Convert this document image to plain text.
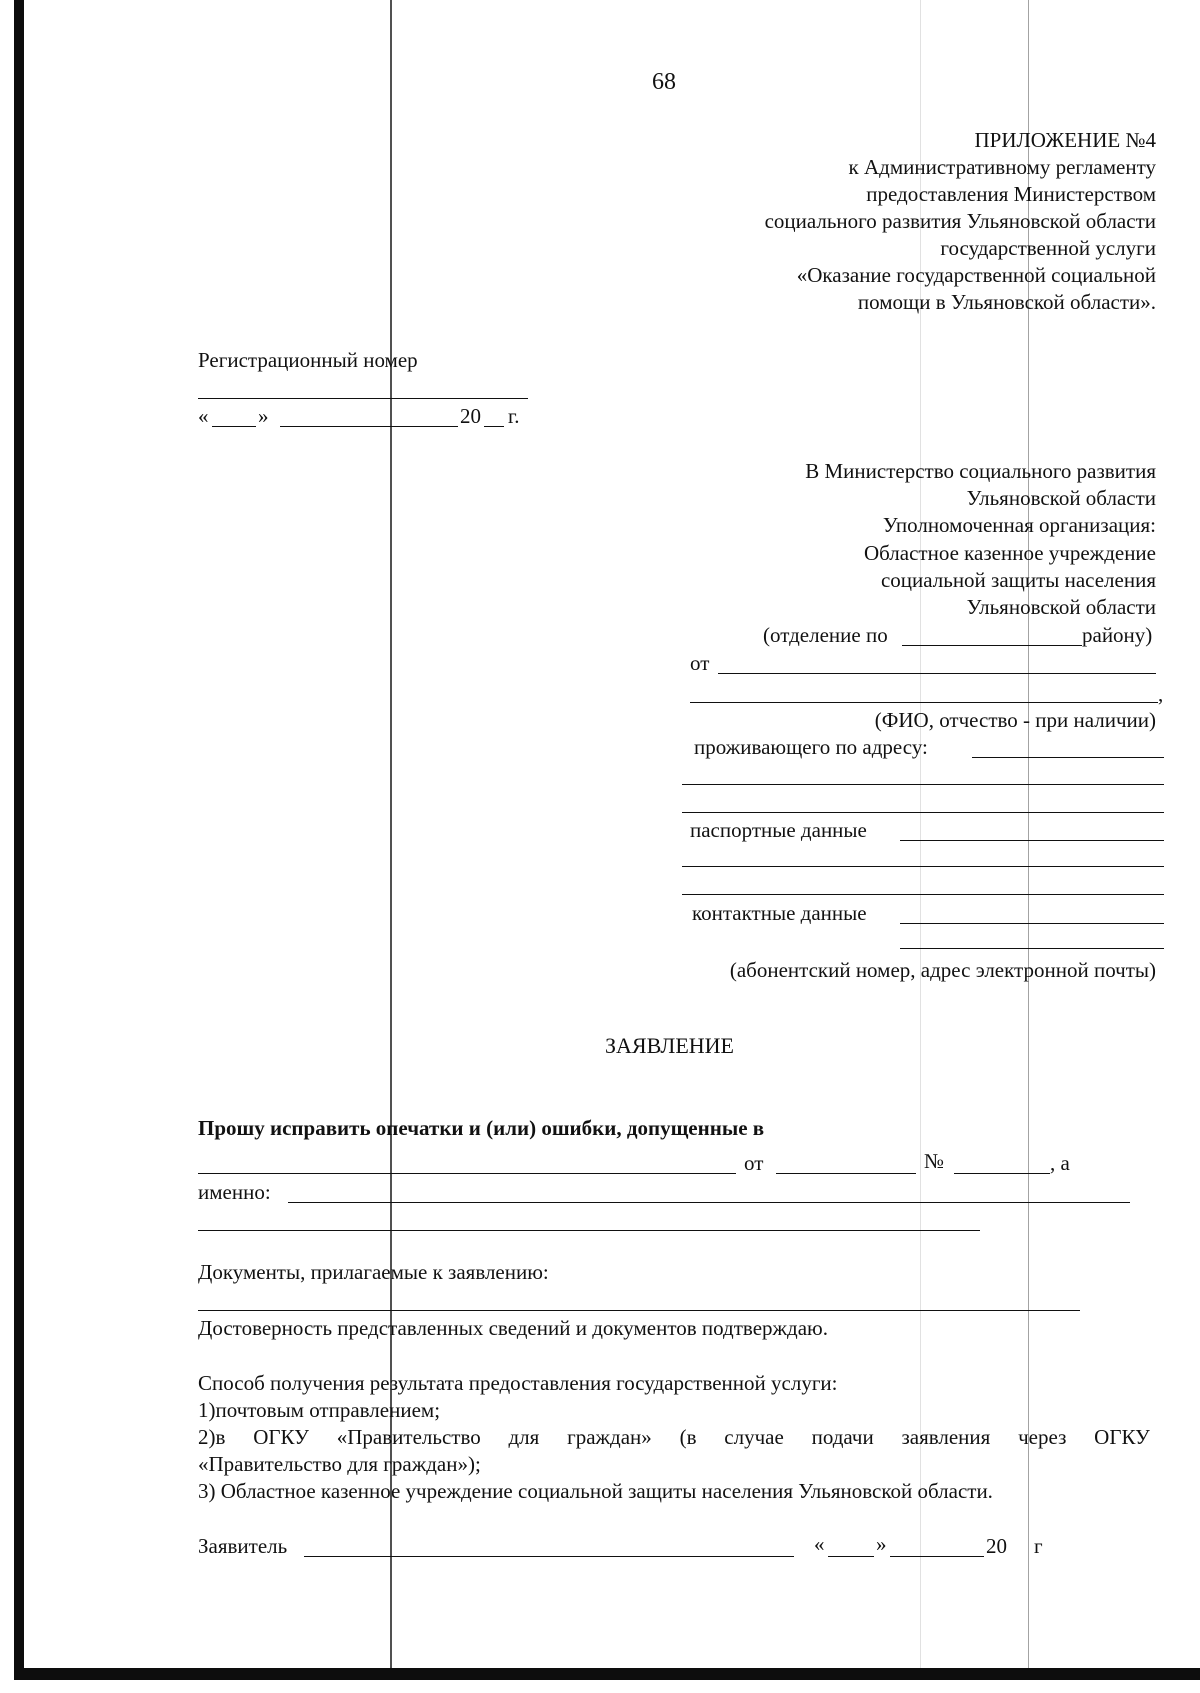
68
ПРИЛОЖЕНИЕ №4
к Административному регламенту
предоставления Министерством
социального развития Ульяновской области
государственной услуги
«Оказание государственной социальной
помощи в Ульяновской области».
Регистрационный номер
« »	20 г.
В Министерство социального развития
Ульяновской области
Уполномоченная организация:
Областное казенное учреждение
социальной защиты населения
Ульяновской области
(отделение по	району)
от
,
(ФИО, отчество - при наличии)
проживающего по адресу:
паспортные данные
контактные данные
(абонентский номер, адрес электронной почты)
ЗАЯВЛЕНИЕ
Прошу исправить опечатки и (или) ошибки, допущенные в
от	№	, а
именно:
Документы, прилагаемые к заявлению:
Достоверность представленных сведений и документов подтверждаю.
Способ получения результата предоставления государственной услуги:
1)почтовым отправлением;
2)в ОГКУ «Правительство для граждан» (в случае подачи заявления через ОГКУ
«Правительство для граждан»);
3) Областное казенное учреждение социальной защиты населения Ульяновской области.
Заявитель	« »	20 г
